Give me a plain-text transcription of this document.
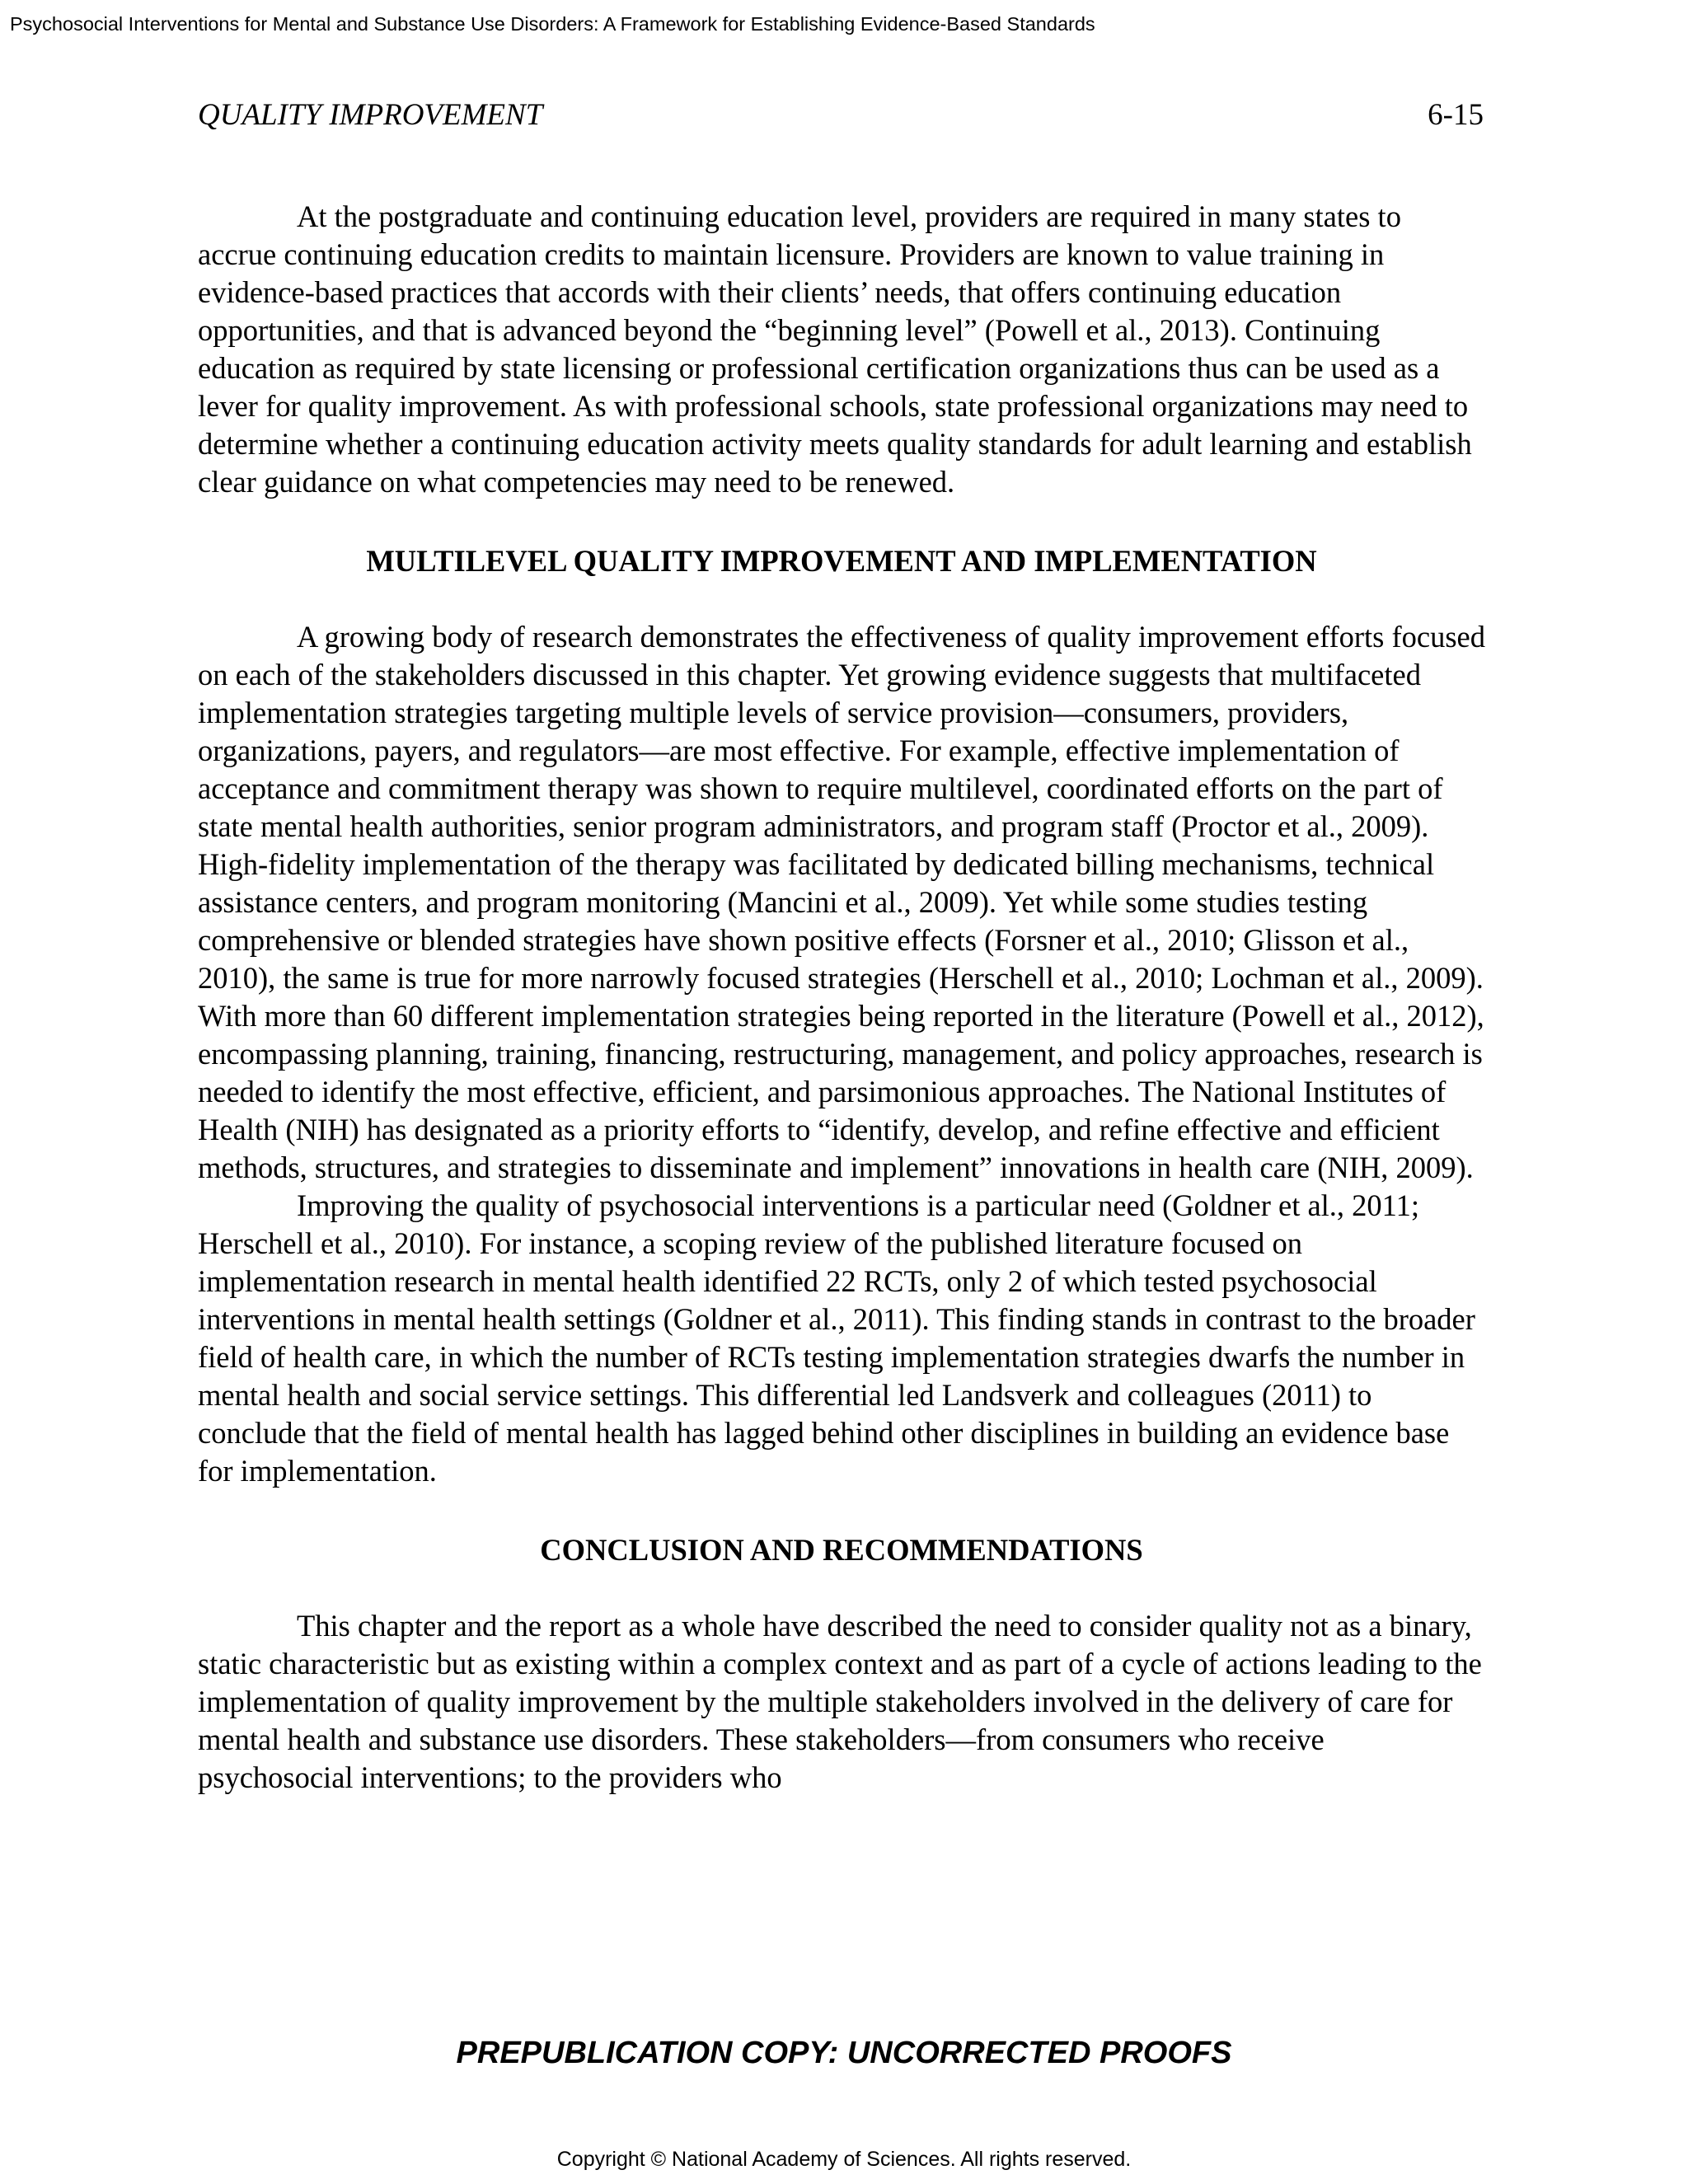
Psychosocial Interventions for Mental and Substance Use Disorders: A Framework for Establishing Evidence-Based Standards
QUALITY IMPROVEMENT	6-15

At the postgraduate and continuing education level, providers are required in many states to accrue continuing education credits to maintain licensure. Providers are known to value training in evidence-based practices that accords with their clients’ needs, that offers continuing education opportunities, and that is advanced beyond the “beginning level” (Powell et al., 2013). Continuing education as required by state licensing or professional certification organizations thus can be used as a lever for quality improvement. As with professional schools, state professional organizations may need to determine whether a continuing education activity meets quality standards for adult learning and establish clear guidance on what competencies may need to be renewed.

MULTILEVEL QUALITY IMPROVEMENT AND IMPLEMENTATION

A growing body of research demonstrates the effectiveness of quality improvement efforts focused on each of the stakeholders discussed in this chapter. Yet growing evidence suggests that multifaceted implementation strategies targeting multiple levels of service provision—consumers, providers, organizations, payers, and regulators—are most effective. For example, effective implementation of acceptance and commitment therapy was shown to require multilevel, coordinated efforts on the part of state mental health authorities, senior program administrators, and program staff (Proctor et al., 2009). High-fidelity implementation of the therapy was facilitated by dedicated billing mechanisms, technical assistance centers, and program monitoring (Mancini et al., 2009). Yet while some studies testing comprehensive or blended strategies have shown positive effects (Forsner et al., 2010; Glisson et al., 2010), the same is true for more narrowly focused strategies (Herschell et al., 2010; Lochman et al., 2009). With more than 60 different implementation strategies being reported in the literature (Powell et al., 2012), encompassing planning, training, financing, restructuring, management, and policy approaches, research is needed to identify the most effective, efficient, and parsimonious approaches. The National Institutes of Health (NIH) has designated as a priority efforts to “identify, develop, and refine effective and efficient methods, structures, and strategies to disseminate and implement” innovations in health care (NIH, 2009).

Improving the quality of psychosocial interventions is a particular need (Goldner et al., 2011; Herschell et al., 2010). For instance, a scoping review of the published literature focused on implementation research in mental health identified 22 RCTs, only 2 of which tested psychosocial interventions in mental health settings (Goldner et al., 2011). This finding stands in contrast to the broader field of health care, in which the number of RCTs testing implementation strategies dwarfs the number in mental health and social service settings. This differential led Landsverk and colleagues (2011) to conclude that the field of mental health has lagged behind other disciplines in building an evidence base for implementation.

CONCLUSION AND RECOMMENDATIONS

This chapter and the report as a whole have described the need to consider quality not as a binary, static characteristic but as existing within a complex context and as part of a cycle of actions leading to the implementation of quality improvement by the multiple stakeholders involved in the delivery of care for mental health and substance use disorders. These stakeholders—from consumers who receive psychosocial interventions; to the providers who

PREPUBLICATION COPY: UNCORRECTED PROOFS
Copyright © National Academy of Sciences. All rights reserved.
